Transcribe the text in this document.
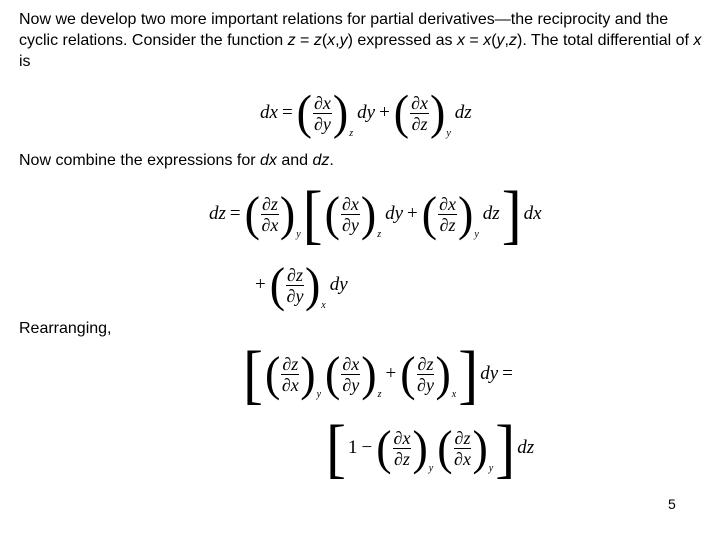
Now we develop two more important relations for partial derivatives—the reciprocity and the cyclic relations. Consider the function z = z(x,y) expressed as x = x(y,z). The total differential of x is
dx = ( $\frac{\partial x}{\partial y}$ ) z
dy + ( $\frac{\partial x}{\partial z}$ ) y
dz
Now combine the expressions for dx and dz.
dz = ( $\frac{\partial z}{\partial x}$ ) y [ ( $\frac{\partial x}{\partial y}$ ) z
dy + ( $\frac{\partial x}{\partial z}$ ) y
dz ] dx
+ ( $\frac{\partial z}{\partial y}$ ) x
dy
Rearranging,
[ ( $\frac{\partial z}{\partial x}$ ) y ( $\frac{\partial x}{\partial y}$ ) z
+ ( $\frac{\partial z}{\partial y}$ ) x ] dy =
[ 1 − ( $\frac{\partial x}{\partial z}$ ) y ( $\frac{\partial z}{\partial x}$ ) y ] dz
5
